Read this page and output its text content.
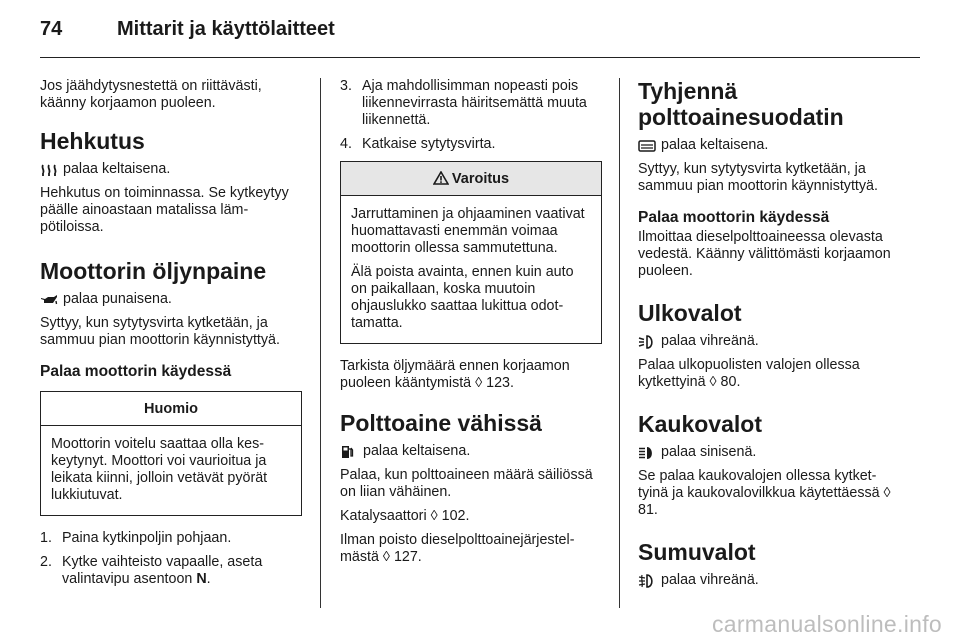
74	Mittarit ja käyttölaitteet

Jos jäähdytysnestettä on riittävästi, käänny korjaamon puoleen.

Hehkutus
palaa keltaisena.

Hehkutus on toiminnassa. Se kytkeytyy päälle ainoastaan matalissa lämpötiloissa.

Moottorin öljynpaine
palaa punaisena.

Syttyy, kun sytytysvirta kytketään, ja sammuu pian moottorin käynnistyttyä.

Palaa moottorin käydessä
Huomio

Moottorin voitelu saattaa olla keskeytynyt. Moottori voi vaurioitua ja leikata kiinni, jolloin vetävät pyörät lukkiutuvat.

1. Paina kytkinpoljin pohjaan.
2. Kytke vaihteisto vapaalle, aseta valintavipu asentoon N.
3. Aja mahdollisimman nopeasti pois liikennevirrasta häiritsemättä muuta liikennettä.
4. Katkaise sytytysvirta.
Varoitus

Jarruttaminen ja ohjaaminen vaativat huomattavasti enemmän voimaa moottorin ollessa sammutettuna.

Älä poista avainta, ennen kuin auto on paikallaan, koska muutoin ohjauslukko saattaa lukittua odottamatta.

Tarkista öljymäärä ennen korjaamon puoleen kääntymistä ◊ 123.

Polttoaine vähissä
palaa keltaisena.

Palaa, kun polttoaineen määrä säiliössä on liian vähäinen.

Katalysaattori ◊ 102.

Ilman poisto dieselpolttoainejärjestelmästä ◊ 127.

Tyhjennä
polttoainesuodatin
palaa keltaisena.

Syttyy, kun sytytysvirta kytketään, ja sammuu pian moottorin käynnistyttyä.

Palaa moottorin käydessä

Ilmoittaa dieselpolttoaineessa olevasta vedestä. Käänny välittömästi korjaamon puoleen.

Ulkovalot
palaa vihreänä.

Palaa ulkopuolisten valojen ollessa kytkettyinä ◊ 80.

Kaukovalot
palaa sinisenä.

Se palaa kaukovalojen ollessa kytkettyinä ja kaukovalovilkkua käytettäessä ◊ 81.

Sumuvalot
palaa vihreänä.
carmanualsonline.info
